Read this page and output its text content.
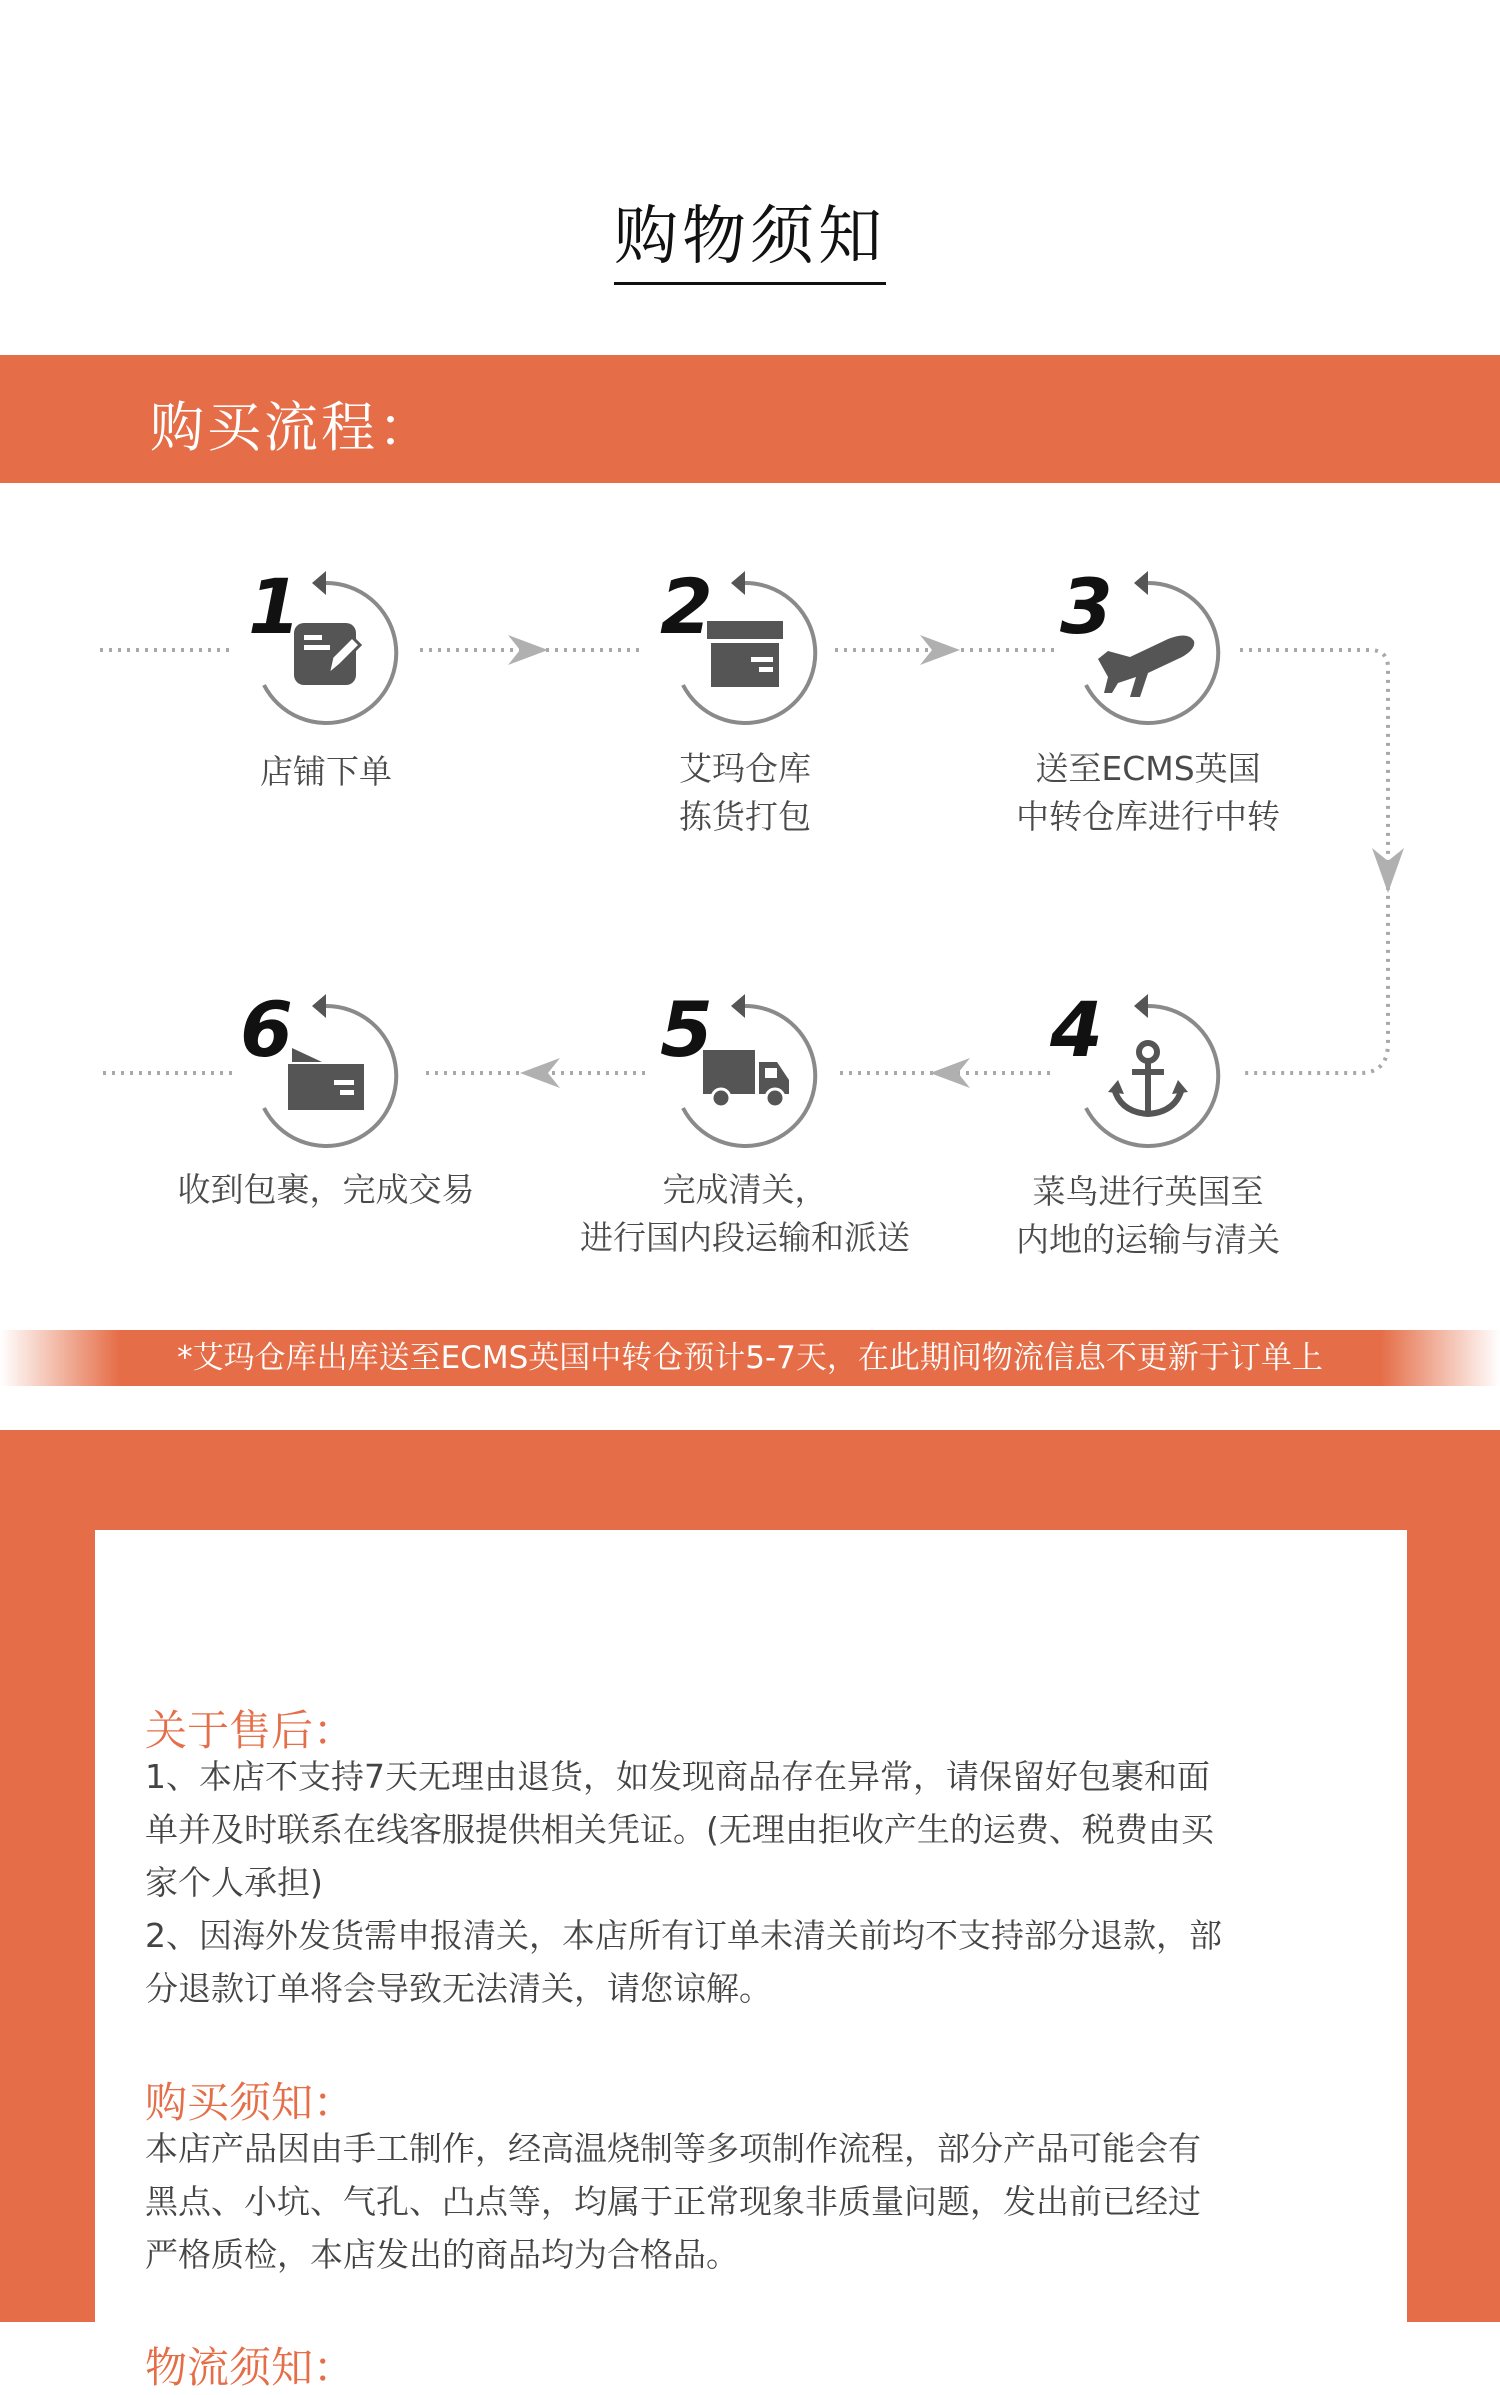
购物须知
购买流程：
1	2	3
4
5
6
店铺下单	艾玛仓库
拣货打包
送至ECMS英国
中转仓库进行中转
菜鸟进行英国至
内地的运输与清关
完成清关，
进行国内段运输和派送
收到包裹，完成交易
*艾玛仓库出库送至ECMS英国中转仓预计5-7天，在此期间物流信息不更新于订单上
关于售后：
1、本店不支持7天无理由退货，如发现商品存在异常，请保留好包裹和面
单并及时联系在线客服提供相关凭证。(无理由拒收产生的运费、税费由买
家个人承担)
2、因海外发货需申报清关，本店所有订单未清关前均不支持部分退款，部
分退款订单将会导致无法清关，请您谅解。
购买须知：
本店产品因由手工制作，经高温烧制等多项制作流程，部分产品可能会有
黑点、小坑、气孔、凸点等，均属于正常现象非质量问题，发出前已经过
严格质检，本店发出的商品均为合格品。
物流须知：
